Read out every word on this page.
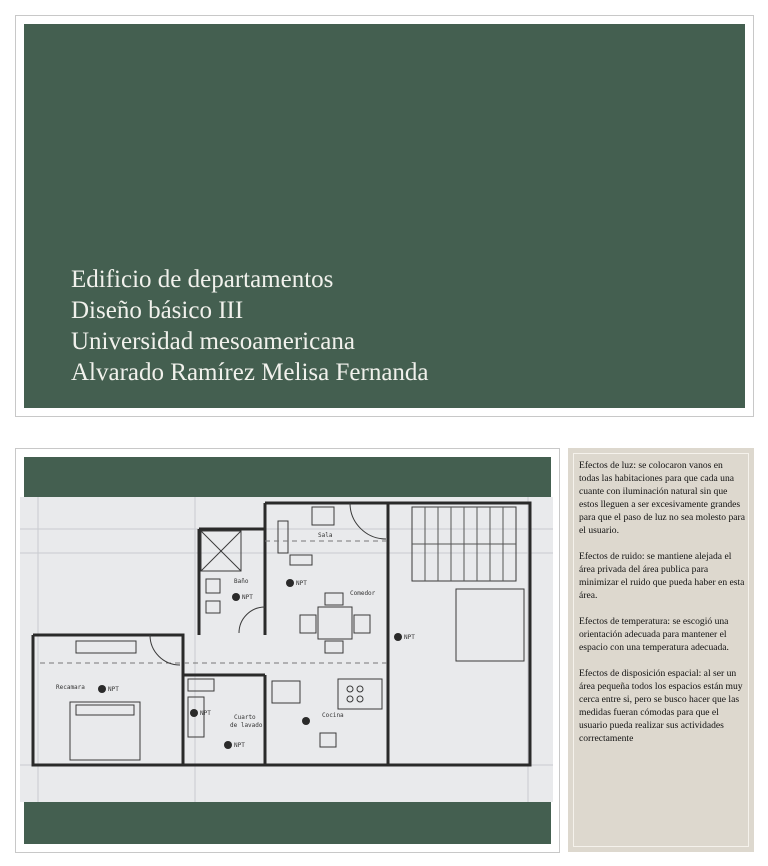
Edificio de departamentos
Diseño básico III
Universidad mesoamericana
Alvarado Ramírez Melisa Fernanda
Sala
Baño
Comedor
Recamara
Cuarto
de lavado
Cocina
NPT
NPT
NPT
NPT
NPT
NPT

Efectos de luz: se colocaron vanos en todas las habitaciones para que cada una cuante con iluminación natural sin que estos lleguen a ser excesivamente grandes para que el paso de luz no sea molesto para el usuario.

Efectos de ruido: se mantiene alejada el área privada del área publica para minimizar el ruido que pueda haber en esta área.

Efectos de temperatura: se escogió una orientación adecuada para mantener el espacio con una temperatura adecuada.

Efectos de disposición espacial: al ser un área pequeña todos los espacios están muy cerca entre si, pero se busco hacer que las medidas fueran cómodas para que el usuario pueda realizar sus actividades correctamente
